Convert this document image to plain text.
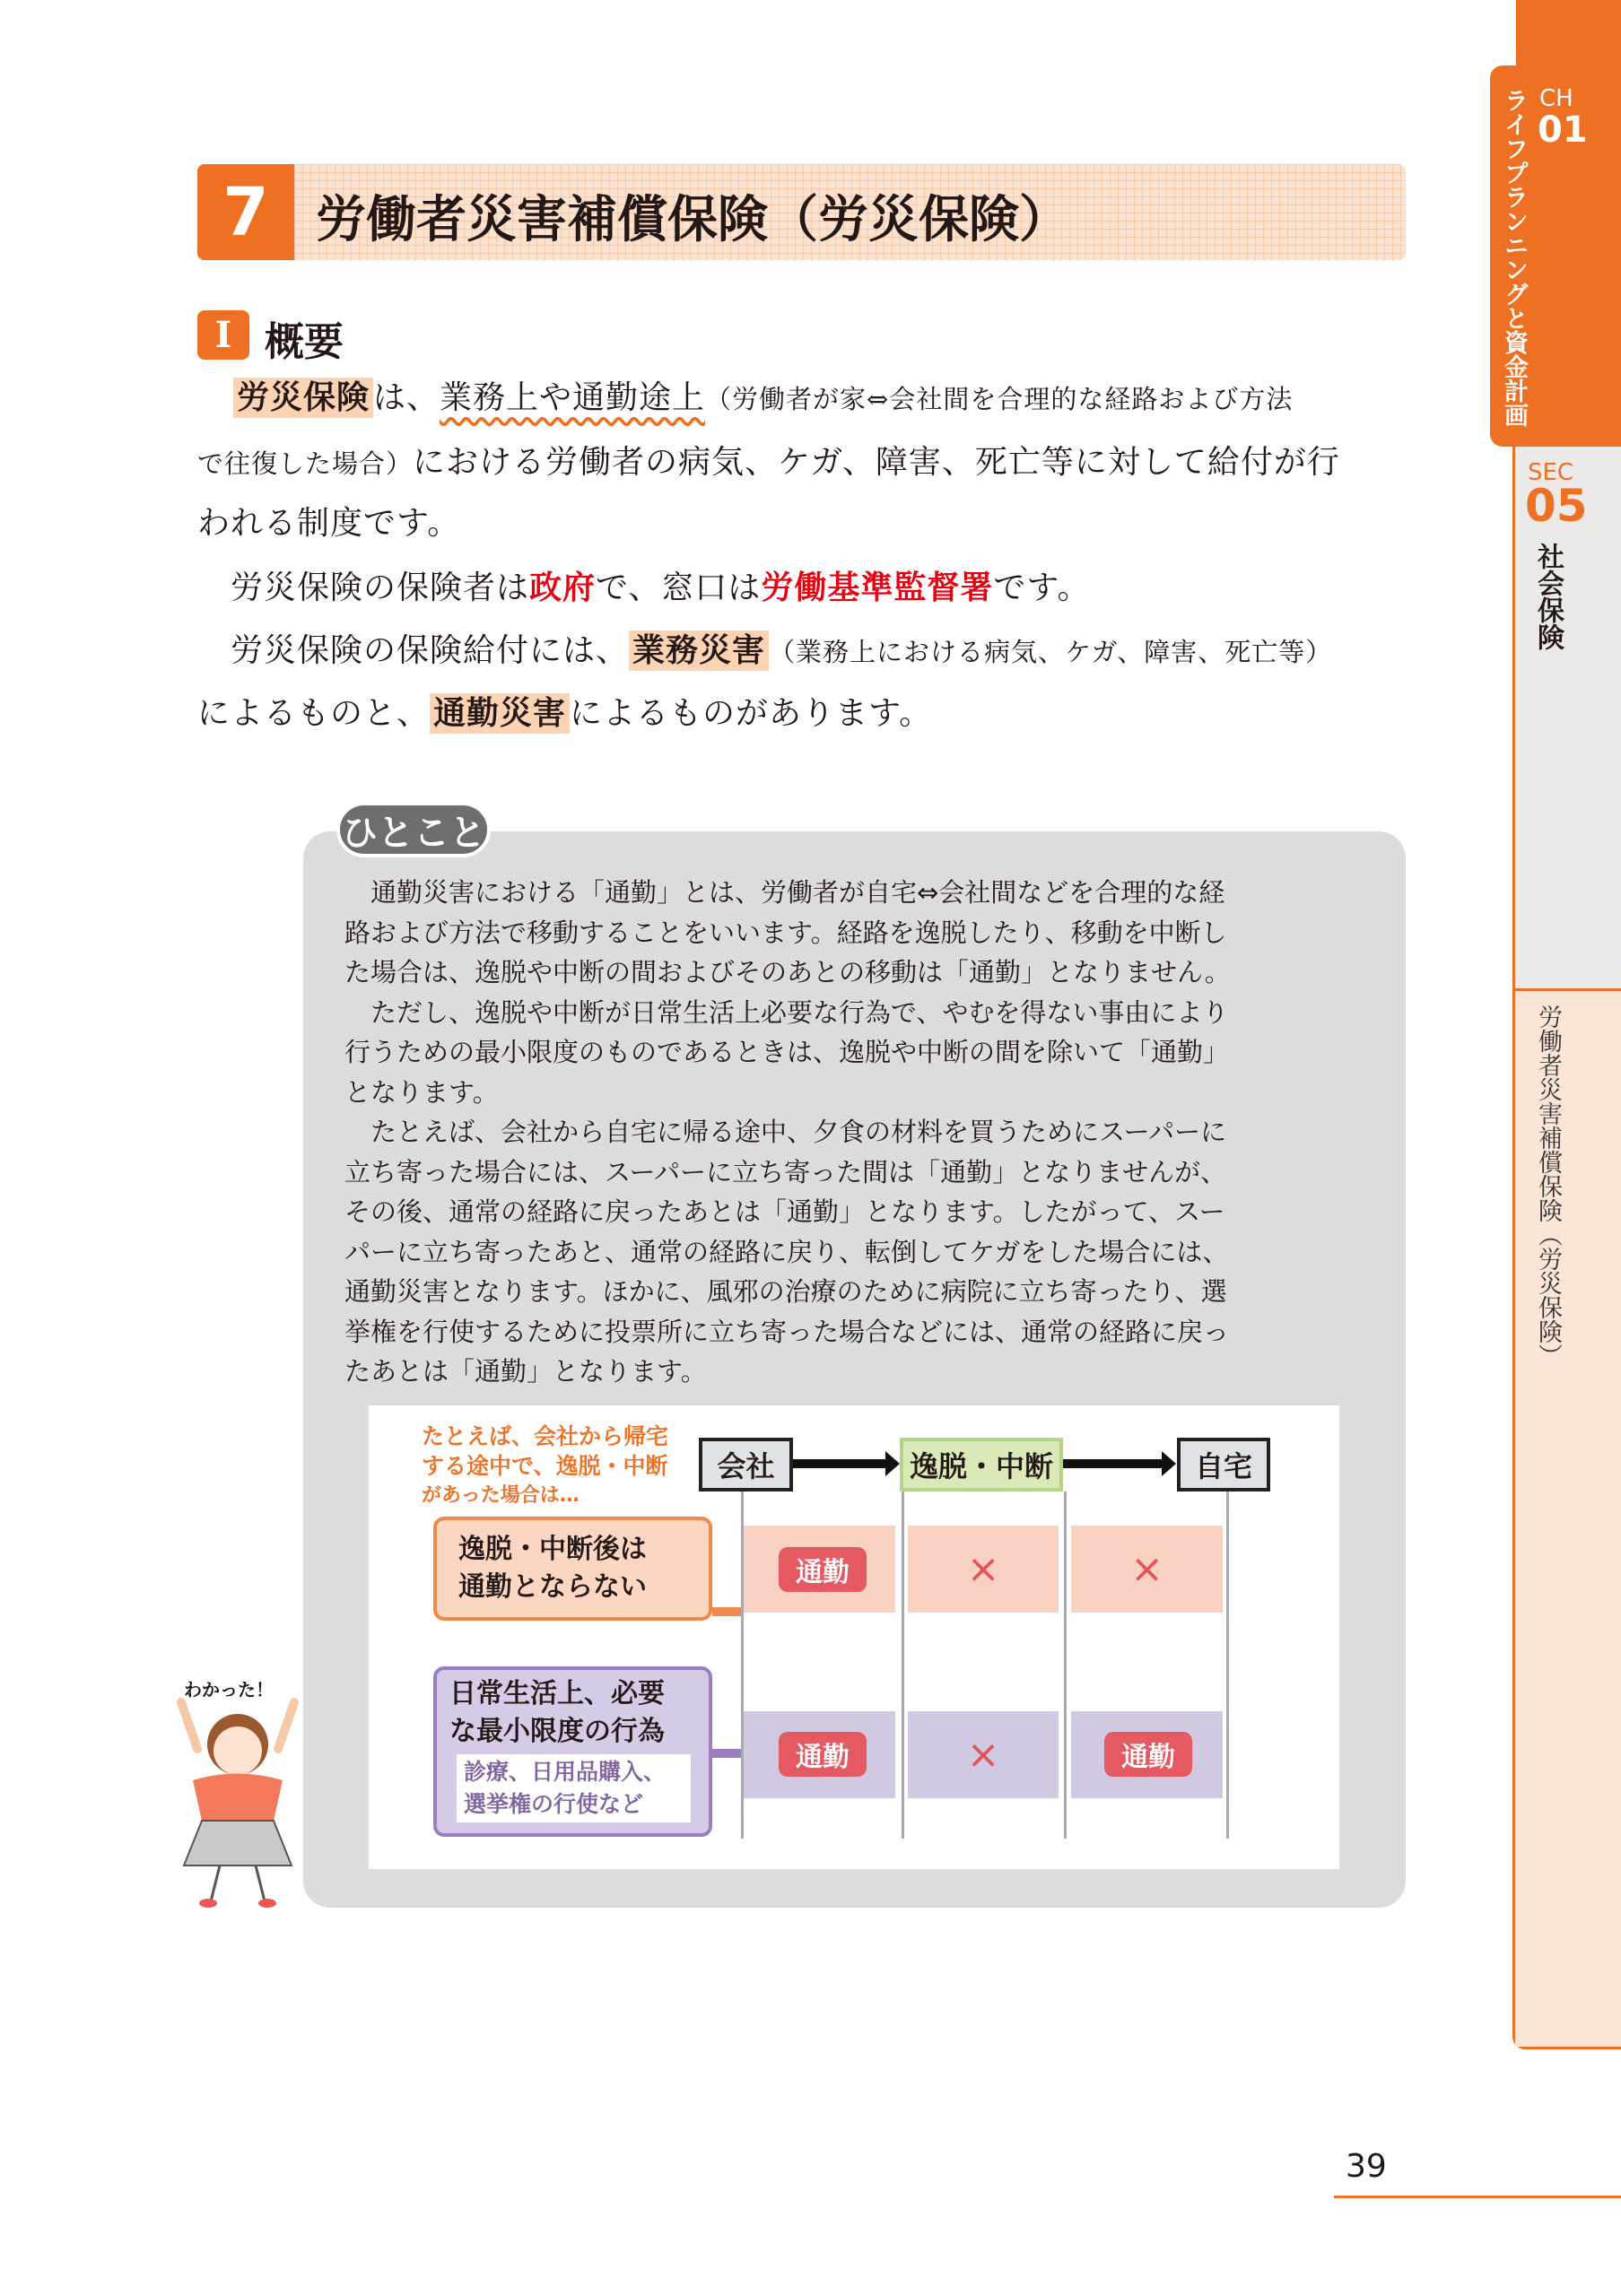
7 労働者災害補償保険（労災保険）
I 概要
労災保険 は、業務上や通勤途上（労働者が家⇔会社間を合理的な経路および方法
で往復した場合）における労働者の病気、ケガ、障害、死亡等に対して給付が行
われる制度です。
　労災保険の保険者は政府で、窓口は労働基準監督署です。
　労災保険の保険給付には、 業務災害 （業務上における病気、ケガ、障害、死亡等）
によるものと、 通勤災害 によるものがあります。
ひとこと
　通勤災害における「通勤」とは、労働者が自宅⇔会社間などを合理的な経
路および方法で移動することをいいます。経路を逸脱したり、移動を中断し
た場合は、逸脱や中断の間およびそのあとの移動は「通勤」となりません。
　ただし、逸脱や中断が日常生活上必要な行為で、やむを得ない事由により
行うための最小限度のものであるときは、逸脱や中断の間を除いて「通勤」
となります。
　たとえば、会社から自宅に帰る途中、夕食の材料を買うためにスーパーに
立ち寄った場合には、スーパーに立ち寄った間は「通勤」となりませんが、
その後、通常の経路に戻ったあとは「通勤」となります。したがって、スー
パーに立ち寄ったあと、通常の経路に戻り、転倒してケガをした場合には、
通勤災害となります。ほかに、風邪の治療のために病院に立ち寄ったり、選
挙権を行使するために投票所に立ち寄った場合などには、通常の経路に戻っ
たあとは「通勤」となります。
たとえば、会社から帰宅
する途中で、逸脱・中断
があった場合は…
会社	逸脱・中断	自宅
逸脱・中断後は
通勤とならない	通勤	×	×
日常生活上、必要
な最小限度の行為
診療、日用品購入、
選挙権の行使など
通勤	×	通勤
わかった！
CH
01
ライフプランニングと資金計画
SEC
05
社会保険
労働者災害補償保険（労災保険）
39
